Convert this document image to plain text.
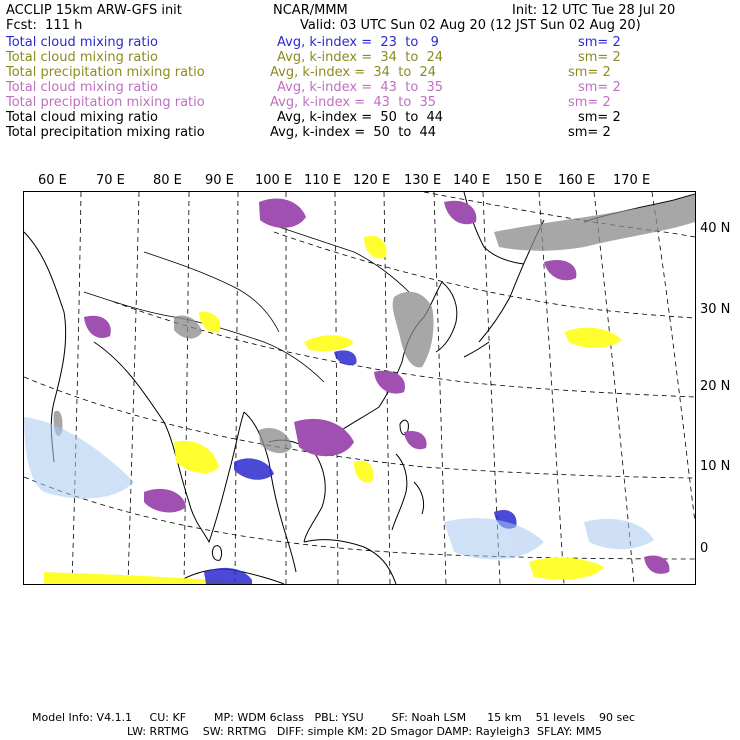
ACCLIP 15km ARW-GFS init	NCAR/MMM	Init: 12 UTC Tue 28 Jul 20
Fcst:  111 h	Valid: 03 UTC Sun 02 Aug 20 (12 JST Sun 02 Aug 20)
Total cloud mixing ratio	Avg, k-index =  23  to   9	sm= 2
Total cloud mixing ratio	Avg, k-index =  34  to  24	sm= 2
Total precipitation mixing ratio	Avg, k-index =  34  to  24	sm= 2
Total cloud mixing ratio	Avg, k-index =  43  to  35	sm= 2
Total precipitation mixing ratio	Avg, k-index =  43  to  35	sm= 2
Total cloud mixing ratio	Avg, k-index =  50  to  44	sm= 2
Total precipitation mixing ratio	Avg, k-index =  50  to  44	sm= 2
60 E 70 E 80 E 90 E 100 E 110 E 120 E 130 E 140 E 150 E 160 E 170 E
40 N
30 N
20 N
10 N
0
Model Info: V4.1.1     CU: KF        MP: WDM 6class   PBL: YSU        SF: Noah LSM      15 km    51 levels    90 sec
LW: RRTMG    SW: RRTMG   DIFF: simple KM: 2D Smagor DAMP: Rayleigh3  SFLAY: MM5
